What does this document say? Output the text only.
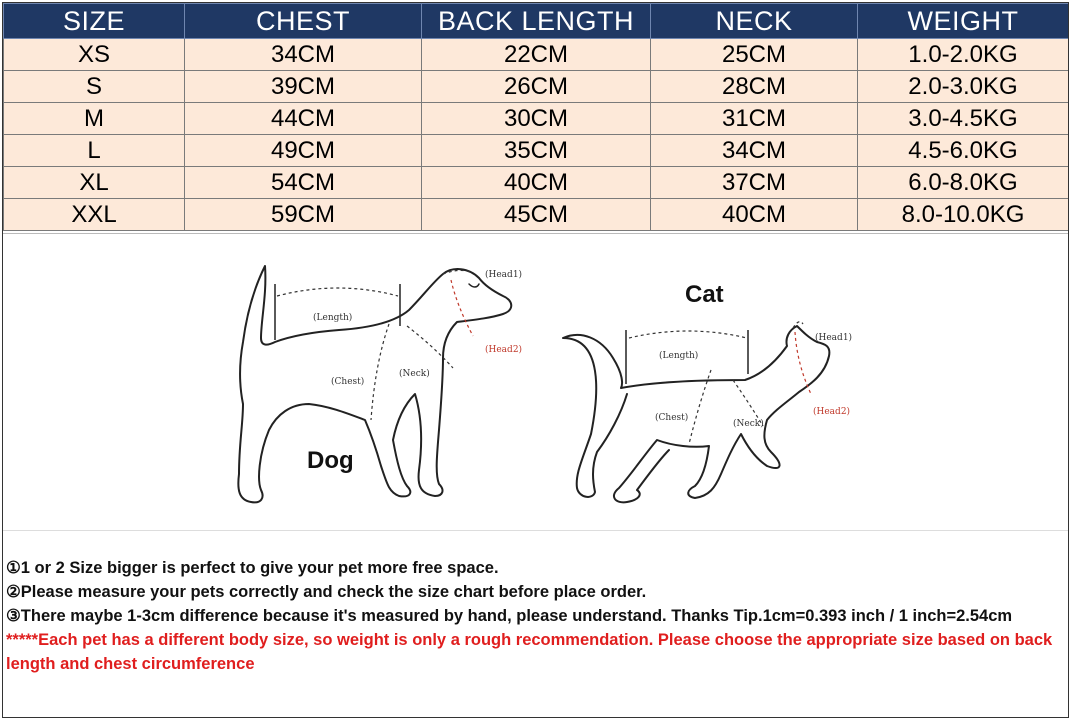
SIZE	CHEST	BACK LENGTH	NECK	WEIGHT
XS	34CM	22CM	25CM	1.0-2.0KG
S	39CM	26CM	28CM	2.0-3.0KG
M	44CM	30CM	31CM	3.0-4.5KG
L	49CM	35CM	34CM	4.5-6.0KG
XL	54CM	40CM	37CM	6.0-8.0KG
XXL	59CM	45CM	40CM	8.0-10.0KG
(Length)
(Chest)
(Neck)
(Head1)
(Head2)
Dog
(Length)
(Chest)
(Neck)
(Head1)
(Head2)
Cat
①1 or 2 Size bigger is perfect to give your pet more free space.
②Please measure your pets correctly and check the size chart before place order.
③There maybe 1-3cm difference because it's measured by hand, please understand. Thanks Tip.1cm=0.393 inch / 1 inch=2.54cm
*****Each pet has a different body size, so weight is only a rough recommendation. Please choose the appropriate size based on back length and chest circumference
